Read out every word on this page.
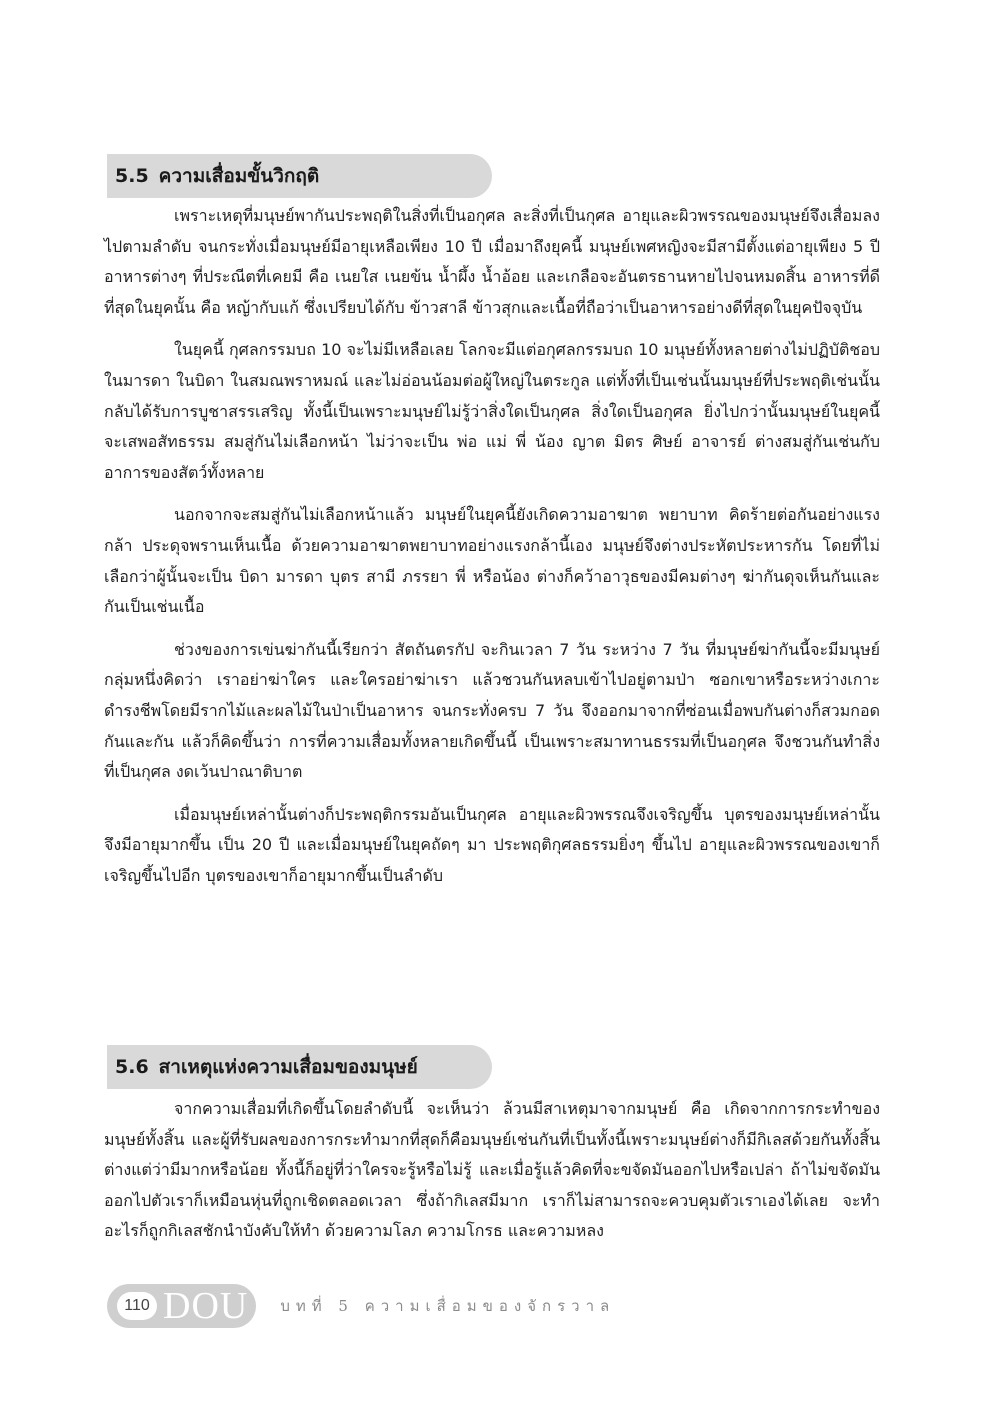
5.5 ความเสื่อมขั้นวิกฤติ

เพราะเหตุที่มนุษย์พากันประพฤติในสิ่งที่เป็นอกุศล ละสิ่งที่เป็นกุศล อายุและผิวพรรณของมนุษย์จึงเสื่อมลงไปตามลำดับ จนกระทั่งเมื่อมนุษย์มีอายุเหลือเพียง 10 ปี เมื่อมาถึงยุคนี้ มนุษย์เพศหญิงจะมีสามีตั้งแต่อายุเพียง 5 ปี อาหารต่างๆ ที่ประณีตที่เคยมี คือ เนยใส เนยข้น น้ำผึ้ง น้ำอ้อย และเกลือจะอันตรธานหายไปจนหมดสิ้น อาหารที่ดีที่สุดในยุคนั้น คือ หญ้ากับแก้ ซึ่งเปรียบได้กับ ข้าวสาลี ข้าวสุกและเนื้อที่ถือว่าเป็นอาหารอย่างดีที่สุดในยุคปัจจุบัน

ในยุคนี้ กุศลกรรมบถ 10 จะไม่มีเหลือเลย โลกจะมีแต่อกุศลกรรมบถ 10 มนุษย์ทั้งหลายต่างไม่ปฏิบัติชอบในมารดา ในบิดา ในสมณพราหมณ์ และไม่อ่อนน้อมต่อผู้ใหญ่ในตระกูล แต่ทั้งที่เป็นเช่นนั้นมนุษย์ที่ประพฤติเช่นนั้นกลับได้รับการบูชาสรรเสริญ ทั้งนี้เป็นเพราะมนุษย์ไม่รู้ว่าสิ่งใดเป็นกุศล สิ่งใดเป็นอกุศล ยิ่งไปกว่านั้นมนุษย์ในยุคนี้จะเสพอสัทธรรม สมสู่กันไม่เลือกหน้า ไม่ว่าจะเป็น พ่อ แม่ พี่ น้อง ญาต มิตร ศิษย์ อาจารย์ ต่างสมสู่กันเช่นกับอาการของสัตว์ทั้งหลาย

นอกจากจะสมสู่กันไม่เลือกหน้าแล้ว มนุษย์ในยุคนี้ยังเกิดความอาฆาต พยาบาท คิดร้ายต่อกันอย่างแรงกล้า ประดุจพรานเห็นเนื้อ ด้วยความอาฆาตพยาบาทอย่างแรงกล้านี้เอง มนุษย์จึงต่างประหัตประหารกัน โดยที่ไม่เลือกว่าผู้นั้นจะเป็น บิดา มารดา บุตร สามี ภรรยา พี่ หรือน้อง ต่างก็คว้าอาวุธของมีคมต่างๆ ฆ่ากันดุจเห็นกันและกันเป็นเช่นเนื้อ

ช่วงของการเข่นฆ่ากันนี้เรียกว่า สัตถันตรกัป จะกินเวลา 7 วัน ระหว่าง 7 วัน ที่มนุษย์ฆ่ากันนี้จะมีมนุษย์กลุ่มหนึ่งคิดว่า เราอย่าฆ่าใคร และใครอย่าฆ่าเรา แล้วชวนกันหลบเข้าไปอยู่ตามป่า ซอกเขาหรือระหว่างเกาะ ดำรงชีพโดยมีรากไม้และผลไม้ในป่าเป็นอาหาร จนกระทั่งครบ 7 วัน จึงออกมาจากที่ซ่อนเมื่อพบกันต่างก็สวมกอดกันและกัน แล้วก็คิดขึ้นว่า การที่ความเสื่อมทั้งหลายเกิดขึ้นนี้ เป็นเพราะสมาทานธรรมที่เป็นอกุศล จึงชวนกันทำสิ่งที่เป็นกุศล งดเว้นปาณาติบาต

เมื่อมนุษย์เหล่านั้นต่างก็ประพฤติกรรมอันเป็นกุศล อายุและผิวพรรณจึงเจริญขึ้น บุตรของมนุษย์เหล่านั้นจึงมีอายุมากขึ้น เป็น 20 ปี และเมื่อมนุษย์ในยุคถัดๆ มา ประพฤติกุศลธรรมยิ่งๆ ขึ้นไป อายุและผิวพรรณของเขาก็เจริญขึ้นไปอีก บุตรของเขาก็อายุมากขึ้นเป็นลำดับ

5.6 สาเหตุแห่งความเสื่อมของมนุษย์

จากความเสื่อมที่เกิดขึ้นโดยลำดับนี้ จะเห็นว่า ล้วนมีสาเหตุมาจากมนุษย์ คือ เกิดจากการกระทำของมนุษย์ทั้งสิ้น และผู้ที่รับผลของการกระทำมากที่สุดก็คือมนุษย์เช่นกันที่เป็นทั้งนี้เพราะมนุษย์ต่างก็มีกิเลสด้วยกันทั้งสิ้น ต่างแต่ว่ามีมากหรือน้อย ทั้งนี้ก็อยู่ที่ว่าใครจะรู้หรือไม่รู้ และเมื่อรู้แล้วคิดที่จะขจัดมันออกไปหรือเปล่า ถ้าไม่ขจัดมันออกไปตัวเราก็เหมือนหุ่นที่ถูกเชิดตลอดเวลา ซึ่งถ้ากิเลสมีมาก เราก็ไม่สามารถจะควบคุมตัวเราเองได้เลย จะทำอะไรก็ถูกกิเลสชักนำบังคับให้ทำ ด้วยความโลภ ความโกรธ และความหลง

110 DOU บทที่ 5 ความเสื่อมของจักรวาล
